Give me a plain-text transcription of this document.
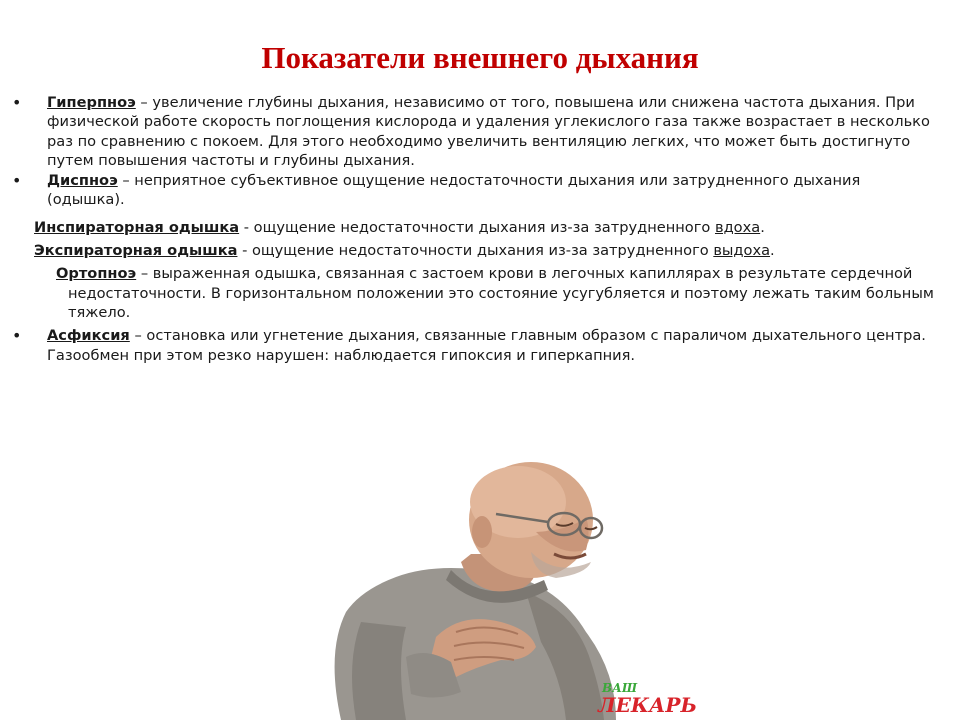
Показатели внешнего дыхания
• Гиперпноэ – увеличение глубины дыхания, независимо от того, повышена или снижена частота дыхания. При физической работе скорость поглощения кислорода и удаления углекислого газа также возрастает в несколько раз по сравнению с покоем. Для этого необходимо увеличить вентиляцию легких, что может быть достигнуто путем повышения частоты и глубины дыхания.
• Диспноэ – неприятное субъективное ощущение недостаточности дыхания или затрудненного дыхания (одышка).
Инспираторная одышка - ощущение недостаточности дыхания из-за затрудненного вдоха.
Экспираторная одышка - ощущение недостаточности дыхания из-за затрудненного выдоха.
Ортопноэ – выраженная одышка, связанная с застоем крови в легочных капиллярах в результате сердечной недостаточности. В горизонтальном положении это состояние усугубляется и поэтому лежать таким больным тяжело.
• Асфиксия – остановка или угнетение дыхания, связанные главным образом с параличом дыхательного центра. Газообмен при этом резко нарушен: наблюдается гипоксия и гиперкапния.
ВАШ
ЛЕКАРЬ
